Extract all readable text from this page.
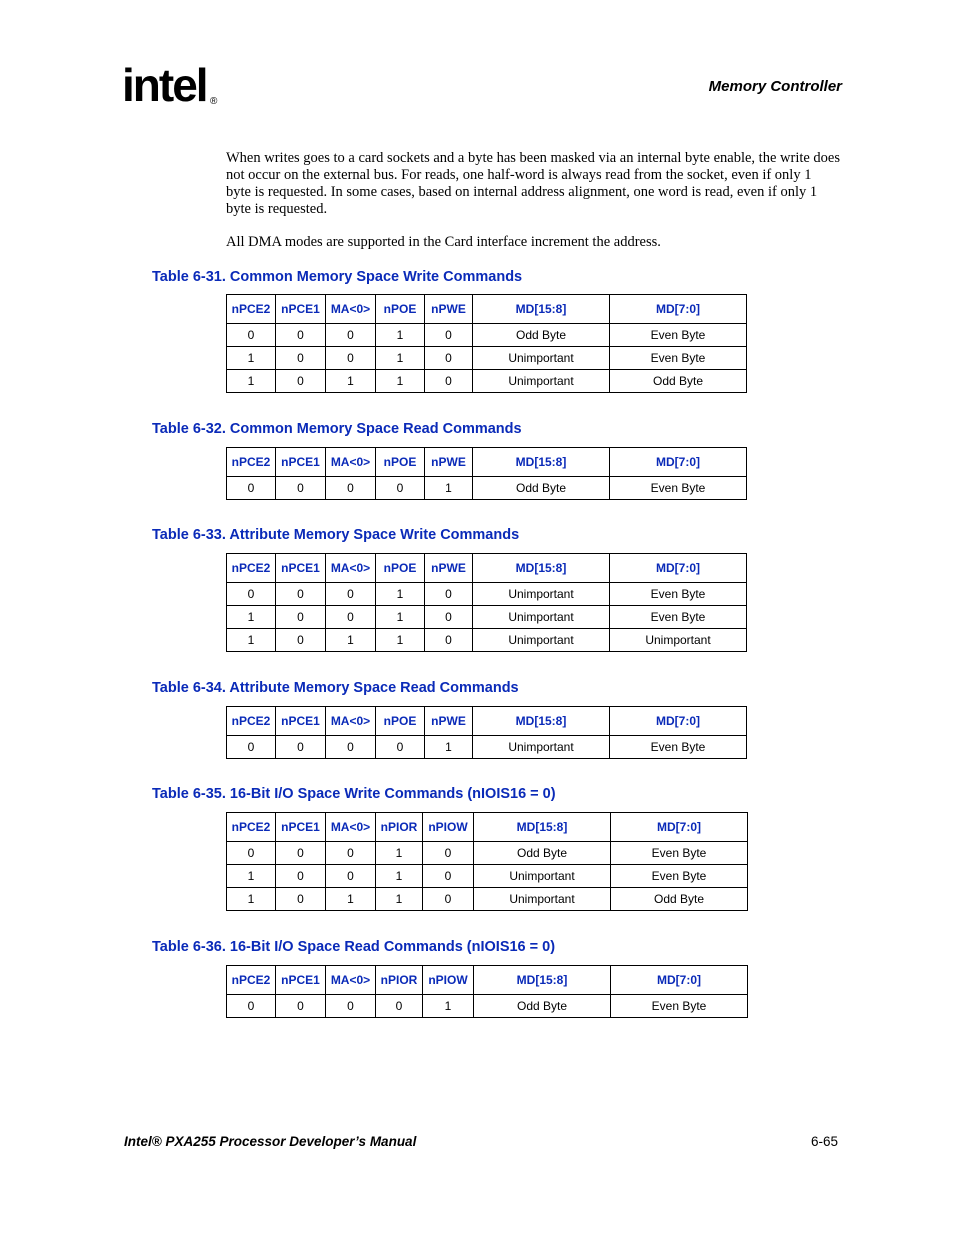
intel ®
Memory Controller

When writes goes to a card sockets and a byte has been masked via an internal byte enable, the write does not occur on the external bus. For reads, one half-word is always read from the socket, even if only 1 byte is requested. In some cases, based on internal address alignment, one word is read, even if only 1 byte is requested.

All DMA modes are supported in the Card interface increment the address.

Table 6-31. Common Memory Space Write Commands
nPCE2	nPCE1	MA<0>	nPOE	nPWE	MD[15:8]	MD[7:0]
0	0	0	1	0	Odd Byte	Even Byte
1	0	0	1	0	Unimportant	Even Byte
1	0	1	1	0	Unimportant	Odd Byte
Table 6-32. Common Memory Space Read Commands
nPCE2	nPCE1	MA<0>	nPOE	nPWE	MD[15:8]	MD[7:0]
0	0	0	0	1	Odd Byte	Even Byte
Table 6-33. Attribute Memory Space Write Commands
nPCE2	nPCE1	MA<0>	nPOE	nPWE	MD[15:8]	MD[7:0]
0	0	0	1	0	Unimportant	Even Byte
1	0	0	1	0	Unimportant	Even Byte
1	0	1	1	0	Unimportant	Unimportant
Table 6-34. Attribute Memory Space Read Commands
nPCE2	nPCE1	MA<0>	nPOE	nPWE	MD[15:8]	MD[7:0]
0	0	0	0	1	Unimportant	Even Byte
Table 6-35. 16-Bit I/O Space Write Commands (nIOIS16 = 0)
nPCE2	nPCE1	MA<0>	nPIOR	nPIOW	MD[15:8]	MD[7:0]
0	0	0	1	0	Odd Byte	Even Byte
1	0	0	1	0	Unimportant	Even Byte
1	0	1	1	0	Unimportant	Odd Byte
Table 6-36. 16-Bit I/O Space Read Commands (nIOIS16 = 0)
nPCE2	nPCE1	MA<0>	nPIOR	nPIOW	MD[15:8]	MD[7:0]
0	0	0	0	1	Odd Byte	Even Byte
Intel® PXA255 Processor Developer’s Manual	6-65
